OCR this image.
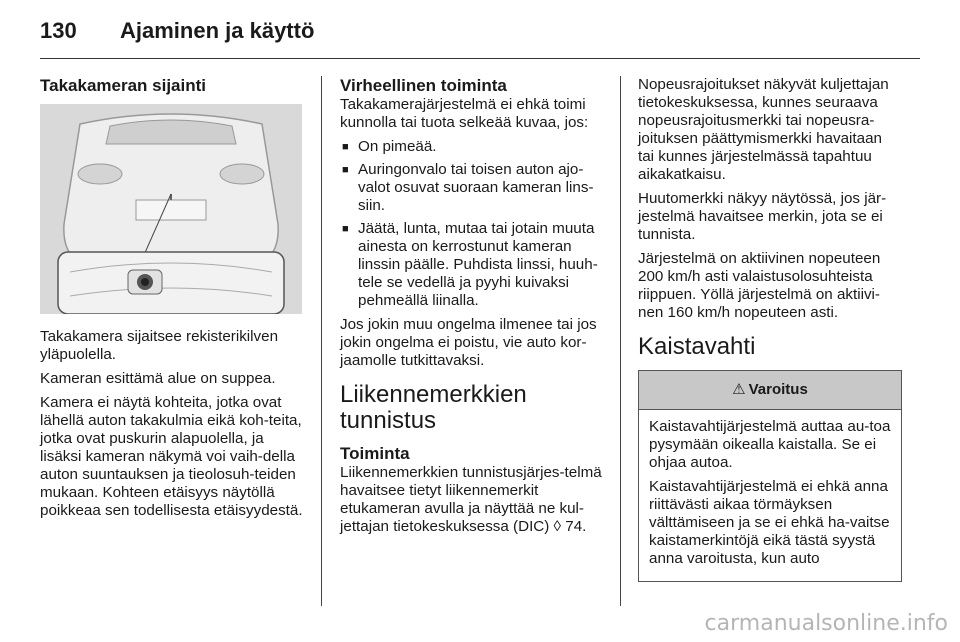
130 Ajaminen ja käyttö
Takakameran sijainti

Takakamera sijaitsee rekisterikilven yläpuolella.

Kameran esittämä alue on suppea.

Kamera ei näytä kohteita, jotka ovat lähellä auton takakulmia eikä koh-teita, jotka ovat puskurin alapuolella, ja lisäksi kameran näkymä voi vaih-della auton suuntauksen ja tieolosuh-teiden mukaan. Kohteen etäisyys näytöllä poikkeaa sen todellisesta etäisyydestä.

Virheellinen toiminta

Takakamerajärjestelmä ei ehkä toimi kunnolla tai tuota selkeää kuvaa, jos:

■ On pimeää.
■ Auringonvalo tai toisen auton ajo-valot osuvat suoraan kameran lins-siin.
■ Jäätä, lunta, mutaa tai jotain muuta ainesta on kerrostunut kameran linssin päälle. Puhdista linssi, huuh-tele se vedellä ja pyyhi kuivaksi pehmeällä liinalla.

Jos jokin muu ongelma ilmenee tai jos jokin ongelma ei poistu, vie auto kor-jaamolle tutkittavaksi.

Liikennemerkkien tunnistus
Toiminta

Liikennemerkkien tunnistusjärjes-telmä havaitsee tietyt liikennemerkit etukameran avulla ja näyttää ne kul-jettajan tietokeskuksessa (DIC) ◊ 74.

Nopeusrajoitukset näkyvät kuljettajan tietokeskuksessa, kunnes seuraava nopeusrajoitusmerkki tai nopeusra-joituksen päättymismerkki havaitaan tai kunnes järjestelmässä tapahtuu aikakatkaisu.

Huutomerkki näkyy näytössä, jos jär-jestelmä havaitsee merkin, jota se ei tunnista.

Järjestelmä on aktiivinen nopeuteen 200 km/h asti valaistusolosuhteista riippuen. Yöllä järjestelmä on aktiivi-nen 160 km/h nopeuteen asti.

Kaistavahti
⚠ Varoitus

Kaistavahtijärjestelmä auttaa au-toa pysymään oikealla kaistalla. Se ei ohjaa autoa.

Kaistavahtijärjestelmä ei ehkä anna riittävästi aikaa törmäyksen välttämiseen ja se ei ehkä ha-vaitse kaistamerkintöjä eikä tästä syystä anna varoitusta, kun auto

carmanualsonline.info
